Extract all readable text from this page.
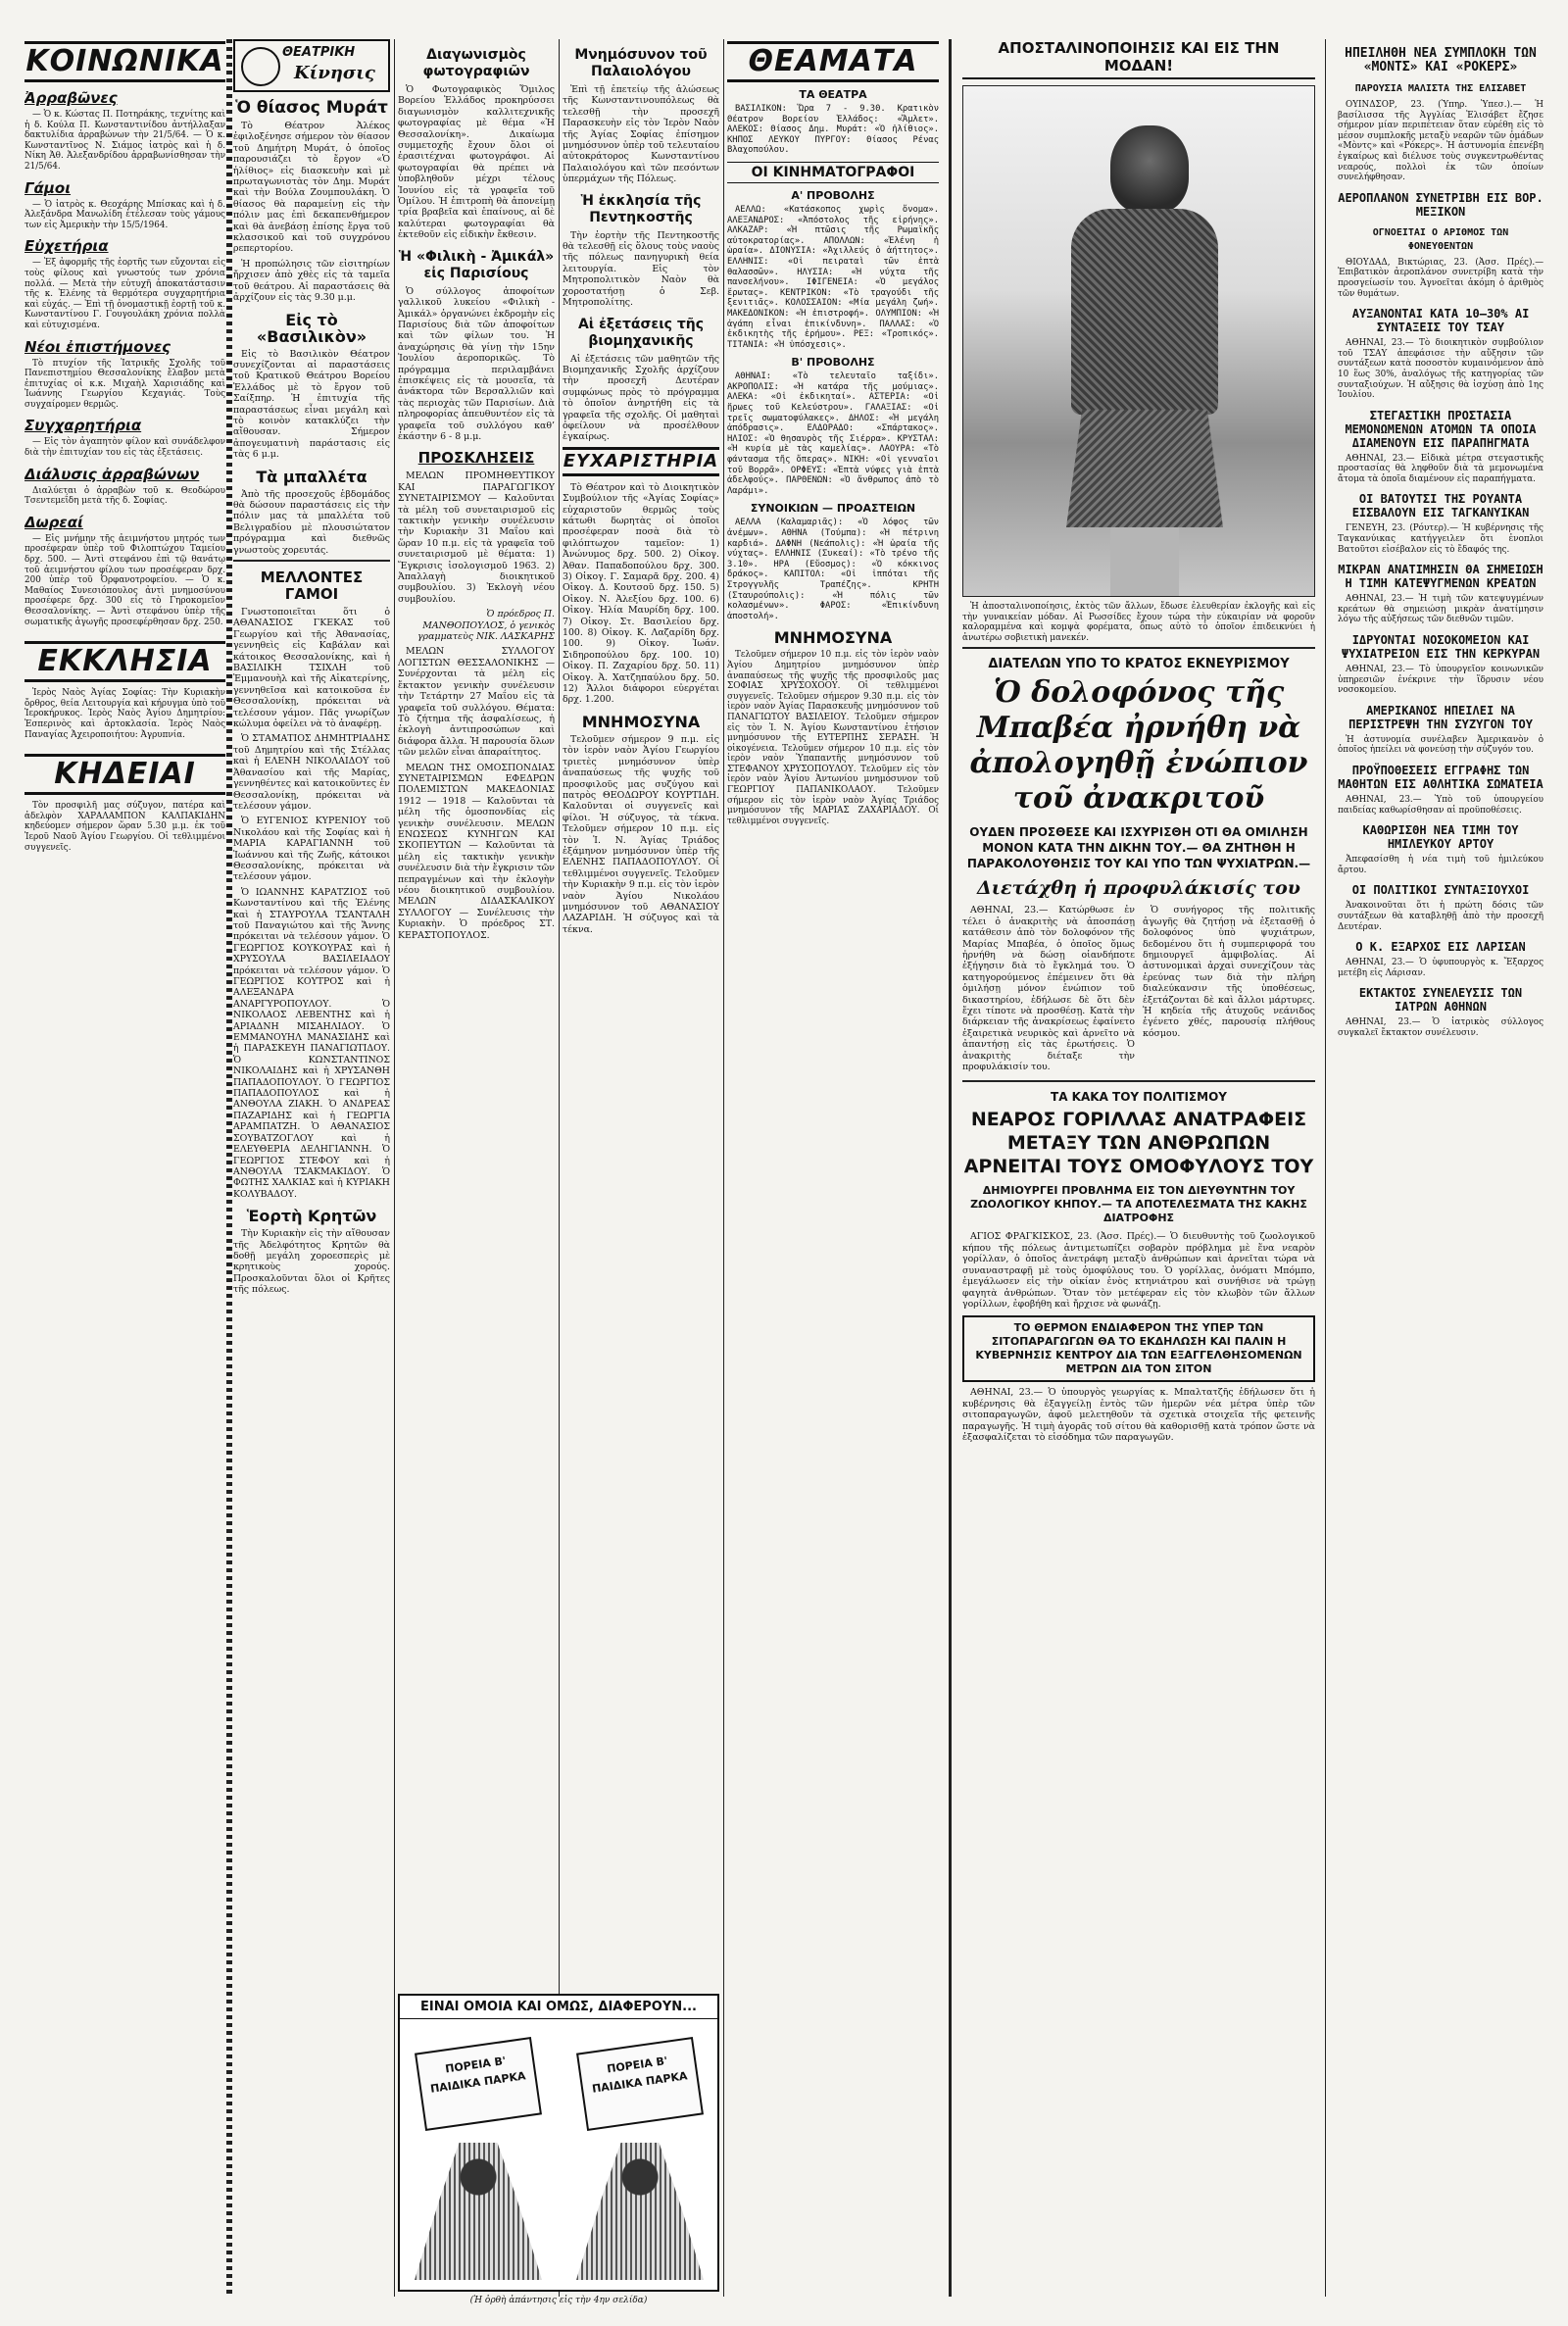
ΚΟΙΝΩΝΙΚΑ
Ἀρραβῶνες

— Ὁ κ. Κώστας Π. Ποτηράκης, τεχνίτης καὶ ἡ δ. Κούλα Π. Κωνσταντινίδου ἀντήλλαξαν δακτυλίδια ἀρραβώνων τὴν 21/5/64. — Ὁ κ. Κωνσταντῖνος Ν. Σιάμος ἰατρὸς καὶ ἡ δ. Νίκη Ἀθ. Ἀλεξανδρίδου ἀρραβωνίσθησαν τὴν 21/5/64.

Γάμοι

— Ὁ ἰατρὸς κ. Θεοχάρης Μπίσκας καὶ ἡ δ. Ἀλεξάνδρα Μανωλίδη ἐτέλεσαν τοὺς γάμους των εἰς Ἀμερικὴν τὴν 15/5/1964.

Εὐχετήρια

— Ἐξ ἀφορμῆς τῆς ἑορτῆς των εὔχονται εἰς τοὺς φίλους καὶ γνωστούς των χρόνια πολλά. — Μετὰ τὴν εὐτυχῆ ἀποκατάστασιν τῆς κ. Ἑλένης τὰ θερμότερα συγχαρητήρια καὶ εὐχάς. — Ἐπὶ τῇ ὀνομαστικῇ ἑορτῇ τοῦ κ. Κωνσταντίνου Γ. Γουγουλάκη χρόνια πολλὰ καὶ εὐτυχισμένα.

Νέοι ἐπιστήμονες

Τὸ πτυχίον τῆς Ἰατρικῆς Σχολῆς τοῦ Πανεπιστημίου Θεσσαλονίκης ἔλαβον μετὰ ἐπιτυχίας οἱ κ.κ. Μιχαὴλ Χαρισιάδης καὶ Ἰωάννης Γεωργίου Κεχαγιάς. Τοὺς συγχαίρομεν θερμῶς.

Συγχαρητήρια

— Εἰς τὸν ἀγαπητὸν φίλον καὶ συνάδελφον διὰ τὴν ἐπιτυχίαν του εἰς τὰς ἐξετάσεις.

Διάλυσις ἀρραβώνων

Διαλύεται ὁ ἀρραβὼν τοῦ κ. Θεοδώρου Τσεντεμεΐδη μετὰ τῆς δ. Σοφίας.

Δωρεαί

— Εἰς μνήμην τῆς ἀειμνήστου μητρός των προσέφεραν ὑπὲρ τοῦ Φιλοπτώχου Ταμείου δρχ. 500. — Ἀντὶ στεφάνου ἐπὶ τῷ θανάτῳ τοῦ ἀειμνήστου φίλου των προσέφεραν δρχ. 200 ὑπὲρ τοῦ Ὀρφανοτροφείου. — Ὁ κ. Μαθαίος Συνεσιόπουλος ἀντὶ μνημοσύνου προσέφερε δρχ. 300 εἰς τὸ Γηροκομεῖον Θεσσαλονίκης. — Ἀντὶ στεφάνου ὑπὲρ τῆς σωματικῆς ἀγωγῆς προσεφέρθησαν δρχ. 250.

ΕΚΚΛΗΣΙΑ

Ἱερὸς Ναὸς Ἁγίας Σοφίας: Τὴν Κυριακὴν ὄρθρος, θεία Λειτουργία καὶ κήρυγμα ὑπὸ τοῦ Ἱεροκήρυκος. Ἱερὸς Ναὸς Ἁγίου Δημητρίου: Ἑσπερινὸς καὶ ἀρτοκλασία. Ἱερὸς Ναὸς Παναγίας Ἀχειροποιήτου: Ἀγρυπνία.

ΚΗΔΕΙΑΙ

Τὸν προσφιλῆ μας σύζυγον, πατέρα καὶ ἀδελφὸν ΧΑΡΑΛΑΜΠΟΝ ΚΑΛΠΑΚΙΔΗΝ κηδεύομεν σήμερον ὥραν 5.30 μ.μ. ἐκ τοῦ Ἱεροῦ Ναοῦ Ἁγίου Γεωργίου. Οἱ τεθλιμμένοι συγγενεῖς.

ΘΕΑΤΡΙΚΗ
Κίνησις
Ὁ θίασος Μυράτ

Τὸ Θέατρον Ἀλέκος ἐφιλοξένησε σήμερον τὸν θίασον τοῦ Δημήτρη Μυράτ, ὁ ὁποῖος παρουσιάζει τὸ ἔργον «Ὁ ἡλίθιος» εἰς διασκευὴν καὶ μὲ πρωταγωνιστὰς τὸν Δημ. Μυράτ καὶ τὴν Βούλα Ζουμπουλάκη. Ὁ θίασος θὰ παραμείνῃ εἰς τὴν πόλιν μας ἐπὶ δεκαπενθήμερον καὶ θὰ ἀνεβάσῃ ἐπίσης ἔργα τοῦ κλασσικοῦ καὶ τοῦ συγχρόνου ρεπερτορίου.

Ἡ προπώλησις τῶν εἰσιτηρίων ἤρχισεν ἀπὸ χθὲς εἰς τὰ ταμεῖα τοῦ θεάτρου. Αἱ παραστάσεις θὰ ἀρχίζουν εἰς τὰς 9.30 μ.μ.

Εἰς τὸ «Βασιλικὸν»

Εἰς τὸ Βασιλικὸν Θέατρον συνεχίζονται αἱ παραστάσεις τοῦ Κρατικοῦ Θεάτρου Βορείου Ἑλλάδος μὲ τὸ ἔργον τοῦ Σαίξπηρ. Ἡ ἐπιτυχία τῆς παραστάσεως εἶναι μεγάλη καὶ τὸ κοινὸν κατακλύζει τὴν αἴθουσαν. Σήμερον ἀπογευματινὴ παράστασις εἰς τὰς 6 μ.μ.

Τὰ μπαλλέτα

Ἀπὸ τῆς προσεχοῦς ἑβδομάδος θὰ δώσουν παραστάσεις εἰς τὴν πόλιν μας τὰ μπαλλέτα τοῦ Βελιγραδίου μὲ πλουσιώτατον πρόγραμμα καὶ διεθνῶς γνωστοὺς χορευτάς.

ΜΕΛΛΟΝΤΕΣ ΓΑΜΟΙ

Γνωστοποιεῖται ὅτι ὁ ΑΘΑΝΑΣΙΟΣ ΓΚΕΚΑΣ τοῦ Γεωργίου καὶ τῆς Ἀθανασίας, γεννηθεὶς εἰς Καβάλαν καὶ κάτοικος Θεσσαλονίκης, καὶ ἡ ΒΑΣΙΛΙΚΗ ΤΣΙΧΛΗ τοῦ Ἐμμανουὴλ καὶ τῆς Αἰκατερίνης, γεννηθεῖσα καὶ κατοικοῦσα ἐν Θεσσαλονίκῃ, πρόκειται νὰ τελέσουν γάμον. Πᾶς γνωρίζων κώλυμα ὀφείλει νὰ τὸ ἀναφέρῃ.

Ὁ ΣΤΑΜΑΤΙΟΣ ΔΗΜΗΤΡΙΑΔΗΣ τοῦ Δημητρίου καὶ τῆς Στέλλας καὶ ἡ ΕΛΕΝΗ ΝΙΚΟΛΑΙΔΟΥ τοῦ Ἀθανασίου καὶ τῆς Μαρίας, γεννηθέντες καὶ κατοικοῦντες ἐν Θεσσαλονίκῃ, πρόκειται νὰ τελέσουν γάμον.

Ὁ ΕΥΓΕΝΙΟΣ ΚΥΡΕΝΙΟΥ τοῦ Νικολάου καὶ τῆς Σοφίας καὶ ἡ ΜΑΡΙΑ ΚΑΡΑΓΙΑΝΝΗ τοῦ Ἰωάννου καὶ τῆς Ζωῆς, κάτοικοι Θεσσαλονίκης, πρόκειται νὰ τελέσουν γάμον.

Ὁ ΙΩΑΝΝΗΣ ΚΑΡΑΤΖΙΟΣ τοῦ Κωνσταντίνου καὶ τῆς Ἑλένης καὶ ἡ ΣΤΑΥΡΟΥΛΑ ΤΣΑΝΤΑΛΗ τοῦ Παναγιώτου καὶ τῆς Ἄννης πρόκειται νὰ τελέσουν γάμον. Ὁ ΓΕΩΡΓΙΟΣ ΚΟΥΚΟΥΡΑΣ καὶ ἡ ΧΡΥΣΟΥΛΑ ΒΑΣΙΛΕΙΑΔΟΥ πρόκειται νὰ τελέσουν γάμον. Ὁ ΓΕΩΡΓΙΟΣ ΚΟΥΤΡΟΣ καὶ ἡ ΑΛΕΞΑΝΔΡΑ ΑΝΑΡΓΥΡΟΠΟΥΛΟΥ. Ὁ ΝΙΚΟΛΑΟΣ ΛΕΒΕΝΤΗΣ καὶ ἡ ΑΡΙΑΔΝΗ ΜΙΣΑΗΛΙΔΟΥ. Ὁ ΕΜΜΑΝΟΥΗΛ ΜΑΝΑΣΙΔΗΣ καὶ ἡ ΠΑΡΑΣΚΕΥΗ ΠΑΝΑΓΙΩΤΙΔΟΥ. Ὁ ΚΩΝΣΤΑΝΤΙΝΟΣ ΝΙΚΟΛΑΙΔΗΣ καὶ ἡ ΧΡΥΣΑΝΘΗ ΠΑΠΑΔΟΠΟΥΛΟΥ. Ὁ ΓΕΩΡΓΙΟΣ ΠΑΠΑΔΟΠΟΥΛΟΣ καὶ ἡ ΑΝΘΟΥΛΑ ΖΙΑΚΗ. Ὁ ΑΝΔΡΕΑΣ ΠΑΖΑΡΙΔΗΣ καὶ ἡ ΓΕΩΡΓΙΑ ΑΡΑΜΠΑΤΖΗ. Ὁ ΑΘΑΝΑΣΙΟΣ ΣΟΥΒΑΤΖΟΓΛΟΥ καὶ ἡ ΕΛΕΥΘΕΡΙΑ ΔΕΛΗΓΙΑΝΝΗ. Ὁ ΓΕΩΡΓΙΟΣ ΣΤΕΦΟΥ καὶ ἡ ΑΝΘΟΥΛΑ ΤΣΑΚΜΑΚΙΔΟΥ. Ὁ ΦΩΤΗΣ ΧΑΛΚΙΑΣ καὶ ἡ ΚΥΡΙΑΚΗ ΚΟΛΥΒΑΔΟΥ.

Ἑορτὴ Κρητῶν

Τὴν Κυριακὴν εἰς τὴν αἴθουσαν τῆς Ἀδελφότητος Κρητῶν θὰ δοθῇ μεγάλη χοροεσπερὶς μὲ κρητικοὺς χορούς. Προσκαλοῦνται ὅλοι οἱ Κρῆτες τῆς πόλεως.

Διαγωνισμὸς φωτογραφιῶν

Ὁ Φωτογραφικὸς Ὅμιλος Βορείου Ἑλλάδος προκηρύσσει διαγωνισμὸν καλλιτεχνικῆς φωτογραφίας μὲ θέμα «Ἡ Θεσσαλονίκη». Δικαίωμα συμμετοχῆς ἔχουν ὅλοι οἱ ἐρασιτέχναι φωτογράφοι. Αἱ φωτογραφίαι θὰ πρέπει νὰ ὑποβληθοῦν μέχρι τέλους Ἰουνίου εἰς τὰ γραφεῖα τοῦ Ὁμίλου. Ἡ ἐπιτροπὴ θὰ ἀπονείμῃ τρία βραβεῖα καὶ ἐπαίνους, αἱ δὲ καλύτεραι φωτογραφίαι θὰ ἐκτεθοῦν εἰς εἰδικὴν ἔκθεσιν.

Ἡ «Φιλικὴ - Ἀμικάλ» εἰς Παρισίους

Ὁ σύλλογος ἀποφοίτων γαλλικοῦ λυκείου «Φιλικὴ - Ἀμικάλ» ὀργανώνει ἐκδρομὴν εἰς Παρισίους διὰ τῶν ἀποφοίτων καὶ τῶν φίλων του. Ἡ ἀναχώρησις θὰ γίνῃ τὴν 15ην Ἰουλίου ἀεροπορικῶς. Τὸ πρόγραμμα περιλαμβάνει ἐπισκέψεις εἰς τὰ μουσεῖα, τὰ ἀνάκτορα τῶν Βερσαλλιῶν καὶ τὰς περιοχὰς τῶν Παρισίων. Διὰ πληροφορίας ἀπευθυντέον εἰς τὰ γραφεῖα τοῦ συλλόγου καθ’ ἑκάστην 6 - 8 μ.μ.

ΠΡΟΣΚΛΗΣΕΙΣ

ΜΕΛΩΝ ΠΡΟΜΗΘΕΥΤΙΚΟΥ ΚΑΙ ΠΑΡΑΓΩΓΙΚΟΥ ΣΥΝΕΤΑΙΡΙΣΜΟΥ — Καλοῦνται τὰ μέλη τοῦ συνεταιρισμοῦ εἰς τακτικὴν γενικὴν συνέλευσιν τὴν Κυριακὴν 31 Μαΐου καὶ ὥραν 10 π.μ. εἰς τὰ γραφεῖα τοῦ συνεταιρισμοῦ μὲ θέματα: 1) Ἔγκρισις ἰσολογισμοῦ 1963. 2) Ἀπαλλαγὴ διοικητικοῦ συμβουλίου. 3) Ἐκλογὴ νέου συμβουλίου.

Ὁ πρόεδρος Π. ΜΑΝΘΟΠΟΥΛΟΣ, ὁ γενικὸς γραμματεὺς ΝΙΚ. ΛΑΣΚΑΡΗΣ

ΜΕΛΩΝ ΣΥΛΛΟΓΟΥ ΛΟΓΙΣΤΩΝ ΘΕΣΣΑΛΟΝΙΚΗΣ — Συνέρχονται τὰ μέλη εἰς ἔκτακτον γενικὴν συνέλευσιν τὴν Τετάρτην 27 Μαΐου εἰς τὰ γραφεῖα τοῦ συλλόγου. Θέματα: Τὸ ζήτημα τῆς ἀσφαλίσεως, ἡ ἐκλογὴ ἀντιπροσώπων καὶ διάφορα ἄλλα. Ἡ παρουσία ὅλων τῶν μελῶν εἶναι ἀπαραίτητος.

ΜΕΛΩΝ ΤΗΣ ΟΜΟΣΠΟΝΔΙΑΣ ΣΥΝΕΤΑΙΡΙΣΜΩΝ ΕΦΕΔΡΩΝ ΠΟΛΕΜΙΣΤΩΝ ΜΑΚΕΔΟΝΙΑΣ 1912 — 1918 — Καλοῦνται τὰ μέλη τῆς ὁμοσπονδίας εἰς γενικὴν συνέλευσιν. ΜΕΛΩΝ ΕΝΩΣΕΩΣ ΚΥΝΗΓΩΝ ΚΑΙ ΣΚΟΠΕΥΤΩΝ — Καλοῦνται τὰ μέλη εἰς τακτικὴν γενικὴν συνέλευσιν διὰ τὴν ἔγκρισιν τῶν πεπραγμένων καὶ τὴν ἐκλογὴν νέου διοικητικοῦ συμβουλίου. ΜΕΛΩΝ ΔΙΔΑΣΚΑΛΙΚΟΥ ΣΥΛΛΟΓΟΥ — Συνέλευσις τὴν Κυριακὴν. Ὁ πρόεδρος ΣΤ. ΚΕΡΑΣΤΟΠΟΥΛΟΣ.

Μνημόσυνον τοῦ Παλαιολόγου

Ἐπὶ τῇ ἐπετείῳ τῆς ἁλώσεως τῆς Κωνσταντινουπόλεως θὰ τελεσθῇ τὴν προσεχῆ Παρασκευὴν εἰς τὸν Ἱερὸν Ναὸν τῆς Ἁγίας Σοφίας ἐπίσημον μνημόσυνον ὑπὲρ τοῦ τελευταίου αὐτοκράτορος Κωνσταντίνου Παλαιολόγου καὶ τῶν πεσόντων ὑπερμάχων τῆς Πόλεως.

Ἡ ἐκκλησία τῆς Πεντηκοστῆς

Τὴν ἑορτὴν τῆς Πεντηκοστῆς θὰ τελεσθῇ εἰς ὅλους τοὺς ναοὺς τῆς πόλεως πανηγυρικὴ θεία λειτουργία. Εἰς τὸν Μητροπολιτικὸν Ναὸν θὰ χοροστατήσῃ ὁ Σεβ. Μητροπολίτης.

Αἱ ἐξετάσεις τῆς βιομηχανικῆς

Αἱ ἐξετάσεις τῶν μαθητῶν τῆς Βιομηχανικῆς Σχολῆς ἀρχίζουν τὴν προσεχῆ Δευτέραν συμφώνως πρὸς τὸ πρόγραμμα τὸ ὁποῖον ἀνηρτήθη εἰς τὰ γραφεῖα τῆς σχολῆς. Οἱ μαθηταὶ ὀφείλουν νὰ προσέλθουν ἐγκαίρως.

ΕΥΧΑΡΙΣΤΗΡΙΑ

Τὸ Θέατρον καὶ τὸ Διοικητικὸν Συμβούλιον τῆς «Ἀγίας Σοφίας» εὐχαριστοῦν θερμῶς τοὺς κάτωθι δωρητὰς οἱ ὁποῖοι προσέφεραν ποσὰ διὰ τὸ φιλόπτωχον ταμεῖον: 1) Ἀνώνυμος δρχ. 500. 2) Οἰκογ. Ἀθαν. Παπαδοπούλου δρχ. 300. 3) Οἰκογ. Γ. Σαμαρᾶ δρχ. 200. 4) Οἰκογ. Δ. Κουτσοῦ δρχ. 150. 5) Οἰκογ. Ν. Ἀλεξίου δρχ. 100. 6) Οἰκογ. Ἠλία Μαυρίδη δρχ. 100. 7) Οἰκογ. Στ. Βασιλείου δρχ. 100. 8) Οἰκογ. Κ. Λαζαρίδη δρχ. 100. 9) Οἰκογ. Ἰωάν. Σιδηροπούλου δρχ. 100. 10) Οἰκογ. Π. Ζαχαρίου δρχ. 50. 11) Οἰκογ. Ἀ. Χατζηπαύλου δρχ. 50. 12) Ἄλλοι διάφοροι εὐεργέται δρχ. 1.200.

ΜΝΗΜΟΣΥΝΑ

Τελοῦμεν σήμερον 9 π.μ. εἰς τὸν ἱερὸν ναὸν Ἁγίου Γεωργίου τριετὲς μνημόσυνον ὑπὲρ ἀναπαύσεως τῆς ψυχῆς τοῦ προσφιλοῦς μας συζύγου καὶ πατρὸς ΘΕΟΔΩΡΟΥ ΚΟΥΡΤΙΔΗ. Καλοῦνται οἱ συγγενεῖς καὶ φίλοι. Ἡ σύζυγος, τὰ τέκνα. Τελοῦμεν σήμερον 10 π.μ. εἰς τὸν Ἱ. Ν. Ἁγίας Τριάδος ἑξάμηνον μνημόσυνον ὑπὲρ τῆς ΕΛΕΝΗΣ ΠΑΠΑΔΟΠΟΥΛΟΥ. Οἱ τεθλιμμένοι συγγενεῖς. Τελοῦμεν τὴν Κυριακὴν 9 π.μ. εἰς τὸν ἱερὸν ναὸν Ἁγίου Νικολάου μνημόσυνον τοῦ ΑΘΑΝΑΣΙΟΥ ΛΑΖΑΡΙΔΗ. Ἡ σύζυγος καὶ τὰ τέκνα.

ΕΙΝΑΙ ΟΜΟΙΑ ΚΑΙ ΟΜΩΣ, ΔΙΑΦΕΡΟΥΝ...
ΠΟΡΕΙΑ Β' ΠΑΙΔΙΚΑ ΠΑΡΚΑ
ΠΟΡΕΙΑ Β' ΠΑΙΔΙΚΑ ΠΑΡΚΑ
(Ἡ ὀρθὴ ἀπάντησις εἰς τὴν 4ην σελίδα)
ΘΕΑΜΑΤΑ
ΤΑ ΘΕΑΤΡΑ

ΒΑΣΙΛΙΚΟΝ: Ὥρα 7 - 9.30. Κρατικὸν Θέατρον Βορείου Ἑλλάδος: «Ἄμλετ». ΑΛΕΚΟΣ: Θίασος Δημ. Μυράτ: «Ὁ ἡλίθιος». ΚΗΠΟΣ ΛΕΥΚΟΥ ΠΥΡΓΟΥ: Θίασος Ρένας Βλαχοπούλου.

ΟΙ ΚΙΝΗΜΑΤΟΓΡΑΦΟΙ
Α' ΠΡΟΒΟΛΗΣ

ΑΕΛΛΩ: «Κατάσκοπος χωρὶς ὄνομα». ΑΛΕΞΑΝΔΡΟΣ: «Ἀπόστολος τῆς εἰρήνης». ΑΛΚΑΖΑΡ: «Ἡ πτῶσις τῆς Ρωμαϊκῆς αὐτοκρατορίας». ΑΠΟΛΛΩΝ: «Ἑλένη ἡ ὡραία». ΔΙΟΝΥΣΙΑ: «Ἀχιλλεύς ὁ ἀήττητος». ΕΛΛΗΝΙΣ: «Οἱ πειραταὶ τῶν ἑπτὰ θαλασσῶν». ΗΛΥΣΙΑ: «Ἡ νύχτα τῆς πανσελήνου». ΙΦΙΓΕΝΕΙΑ: «Ὁ μεγάλος ἔρωτας». ΚΕΝΤΡΙΚΟΝ: «Τὸ τραγούδι τῆς ξενιτιᾶς». ΚΟΛΟΣΣΑΙΟΝ: «Μία μεγάλη ζωή». ΜΑΚΕΔΟΝΙΚΟΝ: «Ἡ ἐπιστροφή». ΟΛΥΜΠΙΟΝ: «Ἡ ἀγάπη εἶναι ἐπικίνδυνη». ΠΑΛΛΑΣ: «Ὁ ἐκδικητὴς τῆς ἐρήμου». ΡΕΞ: «Τροπικός». ΤΙΤΑΝΙΑ: «Ἡ ὑπόσχεσις».

Β' ΠΡΟΒΟΛΗΣ

ΑΘΗΝΑΙ: «Τὸ τελευταῖο ταξίδι». ΑΚΡΟΠΟΛΙΣ: «Ἡ κατάρα τῆς μούμιας». ΑΛΕΚΑ: «Οἱ ἐκδικηταί». ΑΣΤΕΡΙΑ: «Οἱ ἥρωες τοῦ Κελεύστρου». ΓΑΛΑΞΙΑΣ: «Οἱ τρεῖς σωματοφύλακες». ΔΗΛΟΣ: «Ἡ μεγάλη ἀπόδρασις». ΕΛΔΟΡΑΔΟ: «Σπάρτακος». ΗΛΙΟΣ: «Ὁ θησαυρὸς τῆς Σιέρρα». ΚΡΥΣΤΑΛ: «Ἡ κυρία μὲ τὰς καμελίας». ΛΑΟΥΡΑ: «Τὸ φάντασμα τῆς ὄπερας». ΝΙΚΗ: «Οἱ γενναῖοι τοῦ Βορρᾶ». ΟΡΦΕΥΣ: «Ἑπτὰ νύφες γιὰ ἑπτὰ ἀδελφούς». ΠΑΡΘΕΝΩΝ: «Ὁ ἄνθρωπος ἀπὸ τὸ Λαράμι».

ΣΥΝΟΙΚΙΩΝ — ΠΡΟΑΣΤΕΙΩΝ

ΑΕΛΛΑ (Καλαμαριᾶς): «Ὁ λόφος τῶν ἀνέμων». ΑΘΗΝΑ (Τούμπα): «Ἡ πέτρινη καρδιά». ΔΑΦΝΗ (Νεάπολις): «Ἡ ὡραία τῆς νύχτας». ΕΛΛΗΝΙΣ (Συκεαί): «Τὸ τρένο τῆς 3.10». ΗΡΑ (Εὔοσμος): «Ὁ κόκκινος δράκος». ΚΑΠΙΤΟΛ: «Οἱ ἱππόται τῆς Στρογγυλῆς Τραπέζης». ΚΡΗΤΗ (Σταυρούπολις): «Ἡ πόλις τῶν κολασμένων». ΦΑΡΟΣ: «Ἐπικίνδυνη ἀποστολή».

ΜΝΗΜΟΣΥΝΑ

Τελοῦμεν σήμερον 10 π.μ. εἰς τὸν ἱερὸν ναὸν Ἁγίου Δημητρίου μνημόσυνον ὑπὲρ ἀναπαύσεως τῆς ψυχῆς τῆς προσφιλοῦς μας ΣΟΦΙΑΣ ΧΡΥΣΟΧΟΟΥ. Οἱ τεθλιμμένοι συγγενεῖς. Τελοῦμεν σήμερον 9.30 π.μ. εἰς τὸν ἱερὸν ναὸν Ἁγίας Παρασκευῆς μνημόσυνον τοῦ ΠΑΝΑΓΙΩΤΟΥ ΒΑΣΙΛΕΙΟΥ. Τελοῦμεν σήμερον εἰς τὸν Ἱ. Ν. Ἁγίου Κωνσταντίνου ἐτήσιον μνημόσυνον τῆς ΕΥΤΕΡΠΗΣ ΣΕΡΑΣΗ. Ἡ οἰκογένεια. Τελοῦμεν σήμερον 10 π.μ. εἰς τὸν ἱερὸν ναὸν Ὑπαπαντῆς μνημόσυνον τοῦ ΣΤΕΦΑΝΟΥ ΧΡΥΣΟΠΟΥΛΟΥ. Τελοῦμεν εἰς τὸν ἱερὸν ναὸν Ἁγίου Ἀντωνίου μνημόσυνον τοῦ ΓΕΩΡΓΙΟΥ ΠΑΠΑΝΙΚΟΛΑΟΥ. Τελοῦμεν σήμερον εἰς τὸν ἱερὸν ναὸν Ἁγίας Τριάδος μνημόσυνον τῆς ΜΑΡΙΑΣ ΖΑΧΑΡΙΑΔΟΥ. Οἱ τεθλιμμένοι συγγενεῖς.

ΑΠΟΣΤΑΛΙΝΟΠΟΙΗΣΙΣ ΚΑΙ ΕΙΣ ΤΗΝ ΜΟΔΑΝ!

Ἡ ἀποσταλινοποίησις, ἐκτὸς τῶν ἄλλων, ἔδωσε ἐλευθερίαν ἐκλογῆς καὶ εἰς τὴν γυναικείαν μόδαν. Αἱ Ρωσσίδες ἔχουν τώρα τὴν εὐκαιρίαν νὰ φοροῦν καλοραμμένα καὶ κομψὰ φορέματα, ὅπως αὐτὸ τὸ ὁποῖον ἐπιδεικνύει ἡ ἀνωτέρω σοβιετικὴ μανεκέν.

ΔΙΑΤΕΛΩΝ ΥΠΟ ΤΟ ΚΡΑΤΟΣ ΕΚΝΕΥΡΙΣΜΟΥ
Ὁ δολοφόνος τῆς Μπαβέα ἠρνήθη νὰ ἀπολογηθῇ ἐνώπιον τοῦ ἀνακριτοῦ
ΟΥΔΕΝ ΠΡΟΣΘΕΣΕ ΚΑΙ ΙΣΧΥΡΙΣΘΗ ΟΤΙ ΘΑ ΟΜΙΛΗΣΗ ΜΟΝΟΝ ΚΑΤΑ ΤΗΝ ΔΙΚΗΝ ΤΟΥ.— ΘΑ ΖΗΤΗΘΗ Η ΠΑΡΑΚΟΛΟΥΘΗΣΙΣ ΤΟΥ ΚΑΙ ΥΠΟ ΤΩΝ ΨΥΧΙΑΤΡΩΝ.—
Διετάχθη ἡ προφυλάκισίς του

ΑΘΗΝΑΙ, 23.— Κατώρθωσε ἐν τέλει ὁ ἀνακριτὴς νὰ ἀποσπάσῃ κατάθεσιν ἀπὸ τὸν δολοφόνον τῆς Μαρίας Μπαβέα, ὁ ὁποῖος ὅμως ἠρνήθη νὰ δώσῃ οἱανδήποτε ἐξήγησιν διὰ τὸ ἔγκλημά του. Ὁ κατηγορούμενος ἐπέμεινεν ὅτι θὰ ὁμιλήσῃ μόνον ἐνώπιον τοῦ δικαστηρίου, ἐδήλωσε δὲ ὅτι δὲν ἔχει τίποτε νὰ προσθέσῃ. Κατὰ τὴν διάρκειαν τῆς ἀνακρίσεως ἐφαίνετο ἐξαιρετικὰ νευρικὸς καὶ ἀρνεῖτο νὰ ἀπαντήσῃ εἰς τὰς ἐρωτήσεις. Ὁ ἀνακριτὴς διέταξε τὴν προφυλάκισίν του.

Ὁ συνήγορος τῆς πολιτικῆς ἀγωγῆς θὰ ζητήσῃ νὰ ἐξετασθῇ ὁ δολοφόνος ὑπὸ ψυχιάτρων, δεδομένου ὅτι ἡ συμπεριφορά του δημιουργεῖ ἀμφιβολίας. Αἱ ἀστυνομικαὶ ἀρχαὶ συνεχίζουν τὰς ἐρεύνας των διὰ τὴν πλήρη διαλεύκανσιν τῆς ὑποθέσεως, ἐξετάζονται δὲ καὶ ἄλλοι μάρτυρες. Ἡ κηδεία τῆς ἀτυχοῦς νεάνιδος ἐγένετο χθές, παρουσίᾳ πλήθους κόσμου.

ΤΑ ΚΑΚΑ ΤΟΥ ΠΟΛΙΤΙΣΜΟΥ
ΝΕΑΡΟΣ ΓΟΡΙΛΛΑΣ ΑΝΑΤΡΑΦΕΙΣ ΜΕΤΑΞΥ ΤΩΝ ΑΝΘΡΩΠΩΝ ΑΡΝΕΙΤΑΙ ΤΟΥΣ ΟΜΟΦΥΛΟΥΣ ΤΟΥ
ΔΗΜΙΟΥΡΓΕΙ ΠΡΟΒΛΗΜΑ ΕΙΣ ΤΟΝ ΔΙΕΥΘΥΝΤΗΝ ΤΟΥ ΖΩΟΛΟΓΙΚΟΥ ΚΗΠΟΥ.— ΤΑ ΑΠΟΤΕΛΕΣΜΑΤΑ ΤΗΣ ΚΑΚΗΣ ΔΙΑΤΡΟΦΗΣ

ΑΓΙΟΣ ΦΡΑΓΚΙΣΚΟΣ, 23. (Ἀσσ. Πρές).— Ὁ διευθυντὴς τοῦ ζωολογικοῦ κήπου τῆς πόλεως ἀντιμετωπίζει σοβαρὸν πρόβλημα μὲ ἕνα νεαρὸν γορίλλαν, ὁ ὁποῖος ἀνετράφη μεταξὺ ἀνθρώπων καὶ ἀρνεῖται τώρα νὰ συναναστραφῇ μὲ τοὺς ὁμοφύλους του. Ὁ γορίλλας, ὀνόματι Μπόμπο, ἐμεγάλωσεν εἰς τὴν οἰκίαν ἑνὸς κτηνιάτρου καὶ συνήθισε νὰ τρώγῃ φαγητὰ ἀνθρώπων. Ὅταν τὸν μετέφεραν εἰς τὸν κλωβὸν τῶν ἄλλων γορίλλων, ἐφοβήθη καὶ ἤρχισε νὰ φωνάζῃ.

ΤΟ ΘΕΡΜΟΝ ΕΝΔΙΑΦΕΡΟΝ ΤΗΣ ΥΠΕΡ ΤΩΝ ΣΙΤΟΠΑΡΑΓΩΓΩΝ ΘΑ ΤΟ ΕΚΔΗΛΩΣΗ ΚΑΙ ΠΑΛΙΝ Η ΚΥΒΕΡΝΗΣΙΣ ΚΕΝΤΡΟΥ ΔΙΑ ΤΩΝ ΕΞΑΓΓΕΛΘΗΣΟΜΕΝΩΝ ΜΕΤΡΩΝ ΔΙΑ ΤΟΝ ΣΙΤΟΝ

ΑΘΗΝΑΙ, 23.— Ὁ ὑπουργὸς γεωργίας κ. Μπαλτατζῆς ἐδήλωσεν ὅτι ἡ κυβέρνησις θὰ ἐξαγγείλῃ ἐντὸς τῶν ἡμερῶν νέα μέτρα ὑπὲρ τῶν σιτοπαραγωγῶν, ἀφοῦ μελετηθοῦν τὰ σχετικὰ στοιχεῖα τῆς φετεινῆς παραγωγῆς. Ἡ τιμὴ ἀγορᾶς τοῦ σίτου θὰ καθορισθῇ κατὰ τρόπον ὥστε νὰ ἐξασφαλίζεται τὸ εἰσόδημα τῶν παραγωγῶν.

ΗΠΕΙΛΗΘΗ ΝΕΑ ΣΥΜΠΛΟΚΗ ΤΩΝ «ΜΟΝΤΣ» ΚΑΙ «ΡΟΚΕΡΣ»
ΠΑΡΟΥΣΙΑ ΜΑΛΙΣΤΑ ΤΗΣ ΕΛΙΣΑΒΕΤ

ΟΥΙΝΔΣΟΡ, 23. (Ὑπηρ. Ὑπεσ.).— Ἡ βασίλισσα τῆς Ἀγγλίας Ἐλισάβετ ἔζησε σήμερον μίαν περιπέτειαν ὅταν εὑρέθη εἰς τὸ μέσον συμπλοκῆς μεταξὺ νεαρῶν τῶν ὁμάδων «Μὸντς» καὶ «Ρόκερς». Ἡ ἀστυνομία ἐπενέβη ἐγκαίρως καὶ διέλυσε τοὺς συγκεντρωθέντας νεαρούς, πολλοὶ ἐκ τῶν ὁποίων συνελήφθησαν.

ΑΕΡΟΠΛΑΝΟΝ ΣΥΝΕΤΡΙΒΗ ΕΙΣ ΒΟΡ. ΜΕΞΙΚΟΝ
ΟΓΝΟΕΙΤΑΙ Ο ΑΡΙΘΜΟΣ ΤΩΝ ΦΟΝΕΥΘΕΝΤΩΝ

ΘΙΟΥΔΑΔ, Βικτώριας, 23. (Ἀσσ. Πρές).— Ἐπιβατικὸν ἀεροπλάνον συνετρίβη κατὰ τὴν προσγείωσίν του. Ἀγνοεῖται ἀκόμη ὁ ἀριθμὸς τῶν θυμάτων.

ΑΥΞΑΝΟΝΤΑΙ ΚΑΤΑ 10—30% ΑΙ ΣΥΝΤΑΞΕΙΣ ΤΟΥ ΤΣΑΥ

ΑΘΗΝΑΙ, 23.— Τὸ διοικητικὸν συμβούλιον τοῦ ΤΣΑΥ ἀπεφάσισε τὴν αὔξησιν τῶν συντάξεων κατὰ ποσοστὸν κυμαινόμενον ἀπὸ 10 ἕως 30%, ἀναλόγως τῆς κατηγορίας τῶν συνταξιούχων. Ἡ αὔξησις θὰ ἰσχύσῃ ἀπὸ 1ης Ἰουλίου.

ΣΤΕΓΑΣΤΙΚΗ ΠΡΟΣΤΑΣΙΑ ΜΕΜΟΝΩΜΕΝΩΝ ΑΤΟΜΩΝ ΤΑ ΟΠΟΙΑ ΔΙΑΜΕΝΟΥΝ ΕΙΣ ΠΑΡΑΠΗΓΜΑΤΑ

ΑΘΗΝΑΙ, 23.— Εἰδικὰ μέτρα στεγαστικῆς προστασίας θὰ ληφθοῦν διὰ τὰ μεμονωμένα ἄτομα τὰ ὁποῖα διαμένουν εἰς παραπήγματα.

ΟΙ ΒΑΤΟΥΤΣΙ ΤΗΣ ΡΟΥΑΝΤΑ ΕΙΣΒΑΛΟΥΝ ΕΙΣ ΤΑΓΚΑΝΥΙΚΑΝ

ΓΕΝΕΥΗ, 23. (Ρόυτερ).— Ἡ κυβέρνησις τῆς Ταγκανύικας κατήγγειλεν ὅτι ἐνοπλοι Βατοῦτσι εἰσέβαλον εἰς τὸ ἔδαφός της.

ΜΙΚΡΑΝ ΑΝΑΤΙΜΗΣΙΝ ΘΑ ΣΗΜΕΙΩΣΗ Η ΤΙΜΗ ΚΑΤΕΨΥΓΜΕΝΩΝ ΚΡΕΑΤΩΝ

ΑΘΗΝΑΙ, 23.— Ἡ τιμὴ τῶν κατεψυγμένων κρεάτων θὰ σημειώσῃ μικρὰν ἀνατίμησιν λόγω τῆς αὐξήσεως τῶν διεθνῶν τιμῶν.

ΙΔΡΥΟΝΤΑΙ ΝΟΣΟΚΟΜΕΙΟΝ ΚΑΙ ΨΥΧΙΑΤΡΕΙΟΝ ΕΙΣ ΤΗΝ ΚΕΡΚΥΡΑΝ

ΑΘΗΝΑΙ, 23.— Τὸ ὑπουργεῖον κοινωνικῶν ὑπηρεσιῶν ἐνέκρινε τὴν ἵδρυσιν νέου νοσοκομείου.

ΑΜΕΡΙΚΑΝΟΣ ΗΠΕΙΛΕΙ ΝΑ ΠΕΡΙΣΤΡΕΨΗ ΤΗΝ ΣΥΖΥΓΟΝ ΤΟΥ

Ἡ ἀστυνομία συνέλαβεν Ἀμερικανὸν ὁ ὁποῖος ἠπείλει νὰ φονεύσῃ τὴν σύζυγόν του.

ΠΡΟΫΠΟΘΕΣΕΙΣ ΕΓΓΡΑΦΗΣ ΤΩΝ ΜΑΘΗΤΩΝ ΕΙΣ ΑΘΛΗΤΙΚΑ ΣΩΜΑΤΕΙΑ

ΑΘΗΝΑΙ, 23.— Ὑπὸ τοῦ ὑπουργείου παιδείας καθωρίσθησαν αἱ προϋποθέσεις.

ΚΑΘΩΡΙΣΘΗ ΝΕΑ ΤΙΜΗ ΤΟΥ ΗΜΙΛΕΥΚΟΥ ΑΡΤΟΥ

Ἀπεφασίσθη ἡ νέα τιμὴ τοῦ ἡμιλεύκου ἄρτου.

ΟΙ ΠΟΛΙΤΙΚΟΙ ΣΥΝΤΑΞΙΟΥΧΟΙ

Ἀνακοινοῦται ὅτι ἡ πρώτη δόσις τῶν συντάξεων θὰ καταβληθῇ ἀπὸ τὴν προσεχῆ Δευτέραν.

Ο Κ. ΕΞΑΡΧΟΣ ΕΙΣ ΛΑΡΙΣΑΝ

ΑΘΗΝΑΙ, 23.— Ὁ ὑφυπουργὸς κ. Ἔξαρχος μετέβη εἰς Λάρισαν.

ΕΚΤΑΚΤΟΣ ΣΥΝΕΛΕΥΣΙΣ ΤΩΝ ΙΑΤΡΩΝ ΑΘΗΝΩΝ

ΑΘΗΝΑΙ, 23.— Ὁ ἰατρικὸς σύλλογος συγκαλεῖ ἔκτακτον συνέλευσιν.
